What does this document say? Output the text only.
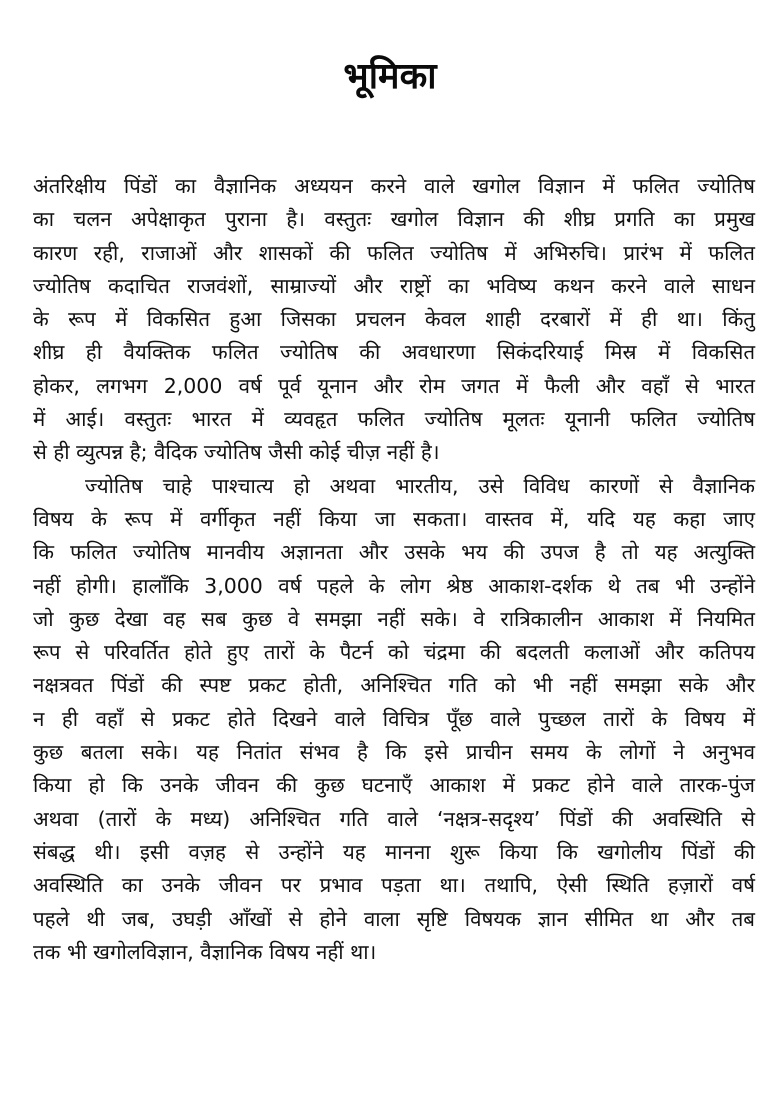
भूमिका
अंतरिक्षीय पिंडों का वैज्ञानिक अध्ययन करने वाले खगोल विज्ञान में फलित ज्योतिष
का चलन अपेक्षाकृत पुराना है। वस्तुतः खगोल विज्ञान की शीघ्र प्रगति का प्रमुख
कारण रही, राजाओं और शासकों की फलित ज्योतिष में अभिरुचि। प्रारंभ में फलित
ज्योतिष कदाचित राजवंशों, साम्राज्यों और राष्ट्रों का भविष्य कथन करने वाले साधन
के रूप में विकसित हुआ जिसका प्रचलन केवल शाही दरबारों में ही था। किंतु
शीघ्र ही वैयक्तिक फलित ज्योतिष की अवधारणा सिकंदरियाई मिस्र में विकसित
होकर, लगभग 2,000 वर्ष पूर्व यूनान और रोम जगत में फैली और वहाँ से भारत
में आई। वस्तुतः भारत में व्यवहृत फलित ज्योतिष मूलतः यूनानी फलित ज्योतिष
से ही व्युत्पन्न है; वैदिक ज्योतिष जैसी कोई चीज़ नहीं है।
ज्योतिष चाहे पाश्चात्य हो अथवा भारतीय, उसे विविध कारणों से वैज्ञानिक
विषय के रूप में वर्गीकृत नहीं किया जा सकता। वास्तव में, यदि यह कहा जाए
कि फलित ज्योतिष मानवीय अज्ञानता और उसके भय की उपज है तो यह अत्युक्ति
नहीं होगी। हालाँकि 3,000 वर्ष पहले के लोग श्रेष्ठ आकाश-दर्शक थे तब भी उन्होंने
जो कुछ देखा वह सब कुछ वे समझा नहीं सके। वे रात्रिकालीन आकाश में नियमित
रूप से परिवर्तित होते हुए तारों के पैटर्न को चंद्रमा की बदलती कलाओं और कतिपय
नक्षत्रवत पिंडों की स्पष्ट प्रकट होती, अनिश्चित गति को भी नहीं समझा सके और
न ही वहाँ से प्रकट होते दिखने वाले विचित्र पूँछ वाले पुच्छल तारों के विषय में
कुछ बतला सके। यह नितांत संभव है कि इसे प्राचीन समय के लोगों ने अनुभव
किया हो कि उनके जीवन की कुछ घटनाएँ आकाश में प्रकट होने वाले तारक-पुंज
अथवा (तारों के मध्य) अनिश्चित गति वाले ‘नक्षत्र-सदृश्य’ पिंडों की अवस्थिति से
संबद्ध थी। इसी वज़ह से उन्होंने यह मानना शुरू किया कि खगोलीय पिंडों की
अवस्थिति का उनके जीवन पर प्रभाव पड़ता था। तथापि, ऐसी स्थिति हज़ारों वर्ष
पहले थी जब, उघड़ी आँखों से होने वाला सृष्टि विषयक ज्ञान सीमित था और तब
तक भी खगोलविज्ञान, वैज्ञानिक विषय नहीं था।
